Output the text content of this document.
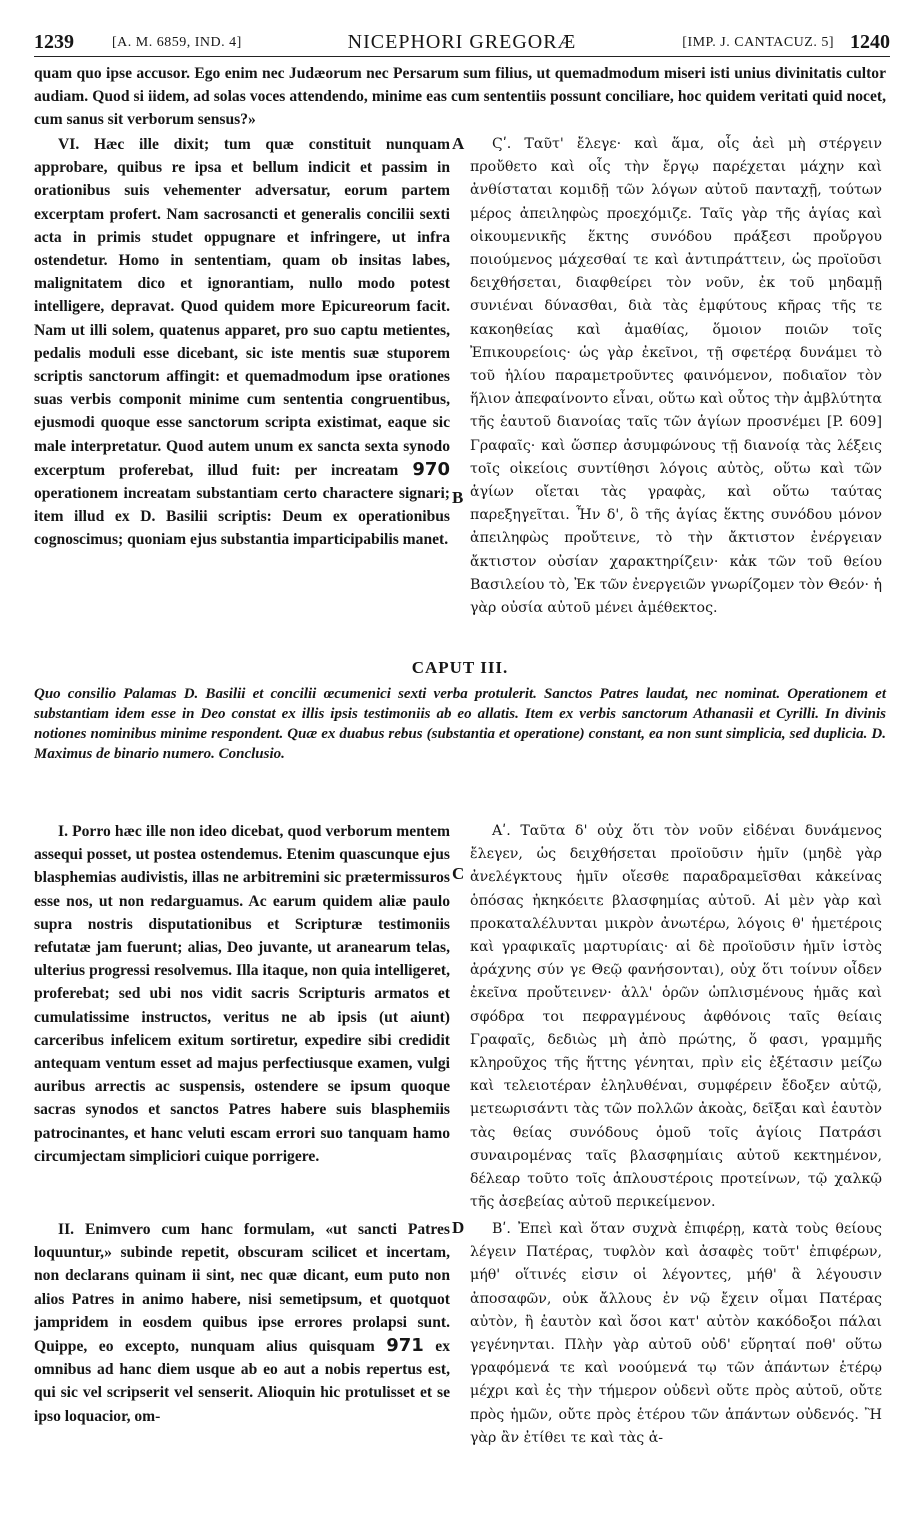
1239	[A. M. 6859, IND. 4]	NICEPHORI GREGORÆ	[IMP. J. CANTACUZ. 5] 1240
quam quo ipse accusor. Ego enim nec Judæorum nec Persarum sum filius, ut quemadmodum miseri isti unius divinitatis cultor audiam. Quod si iidem, ad solas voces attendendo, minime eas cum sententiis possunt conciliare, hoc quidem veritati quid nocet, cum sanus sit verborum sensus?»

VI. Hæc ille dixit; tum quæ constituit nunquam approbare, quibus re ipsa et bellum indicit et passim in orationibus suis vehementer adversatur, eorum partem excerptam profert. Nam sacrosancti et generalis concilii sexti acta in primis studet oppugnare et infringere, ut infra ostendetur. Homo in sententiam, quam ob insitas labes, malignitatem dico et ignorantiam, nullo modo potest intelligere, depravat. Quod quidem more Epicureorum facit. Nam ut illi solem, quatenus apparet, pro suo captu metientes, pedalis moduli esse dicebant, sic iste mentis suæ stuporem scriptis sanctorum affingit: et quemadmodum ipse orationes suas verbis componit minime cum sententia congruentibus, ejusmodi quoque esse sanctorum scripta existimat, eaque sic male interpretatur. Quod autem unum ex sancta sexta synodo excerptum proferebat, illud fuit: per increatam 970 operationem increatam substantiam certo charactere signari; item illud ex D. Basilii scriptis: Deum ex operationibus cognoscimus; quoniam ejus substantia imparticipabilis manet.

Ϛʹ. Ταῦτ' ἔλεγε· καὶ ἅμα, οἷς ἀεὶ μὴ στέργειν προὔθετο καὶ οἷς τὴν ἔργῳ παρέχεται μάχην καὶ ἀνθίσταται κομιδῇ τῶν λόγων αὐτοῦ πανταχῇ, τούτων μέρος ἀπειληφὼς προεχόμιζε. Ταῖς γὰρ τῆς ἁγίας καὶ οἰκουμενικῆς ἕκτης συνόδου πράξεσι προὔργου ποιούμενος μάχεσθαί τε καὶ ἀντιπράττειν, ὡς προϊοῦσι δειχθήσεται, διαφθείρει τὸν νοῦν, ἐκ τοῦ μηδαμῇ συνιέναι δύνασθαι, διὰ τὰς ἐμφύτους κῆρας τῆς τε κακοηθείας καὶ ἀμαθίας, ὅμοιον ποιῶν τοῖς Ἐπικουρείοις· ὡς γὰρ ἐκεῖνοι, τῇ σφετέρᾳ δυνάμει τὸ τοῦ ἡλίου παραμετροῦντες φαινόμενον, ποδιαῖον τὸν ἥλιον ἀπεφαίνοντο εἶναι, οὕτω καὶ οὗτος τὴν ἀμβλύτητα τῆς ἑαυτοῦ διανοίας ταῖς τῶν ἁγίων προσνέμει [P. 609] Γραφαῖς· καὶ ὥσπερ ἀσυμφώνους τῇ διανοίᾳ τὰς λέξεις τοῖς οἰκείοις συντίθησι λόγοις αὐτὸς, οὕτω καὶ τῶν ἁγίων οἴεται τὰς γραφὰς, καὶ οὕτω ταύτας παρεξηγεῖται. Ἦν δ', ὃ τῆς ἁγίας ἕκτης συνόδου μόνον ἀπειληφὼς προὔτεινε, τὸ τὴν ἄκτιστον ἐνέργειαν ἄκτιστον οὐσίαν χαρακτηρίζειν· κἀκ τῶν τοῦ θείου Βασιλείου τὸ, Ἐκ τῶν ἐνεργειῶν γνωρίζομεν τὸν Θεόν· ἡ γὰρ οὐσία αὐτοῦ μένει ἀμέθεκτος.

A
B
C
D
CAPUT III.
Quo consilio Palamas D. Basilii et concilii œcumenici sexti verba protulerit. Sanctos Patres laudat, nec nominat. Operationem et substantiam idem esse in Deo constat ex illis ipsis testimoniis ab eo allatis. Item ex verbis sanctorum Athanasii et Cyrilli. In divinis notiones nominibus minime respondent. Quæ ex duabus rebus (substantia et operatione) constant, ea non sunt simplicia, sed duplicia. D. Maximus de binario numero. Conclusio.

I. Porro hæc ille non ideo dicebat, quod verborum mentem assequi posset, ut postea ostendemus. Etenim quascunque ejus blasphemias audivistis, illas ne arbitremini sic prætermissuros esse nos, ut non redarguamus. Ac earum quidem aliæ paulo supra nostris disputationibus et Scripturæ testimoniis refutatæ jam fuerunt; alias, Deo juvante, ut aranearum telas, ulterius progressi resolvemus. Illa itaque, non quia intelligeret, proferebat; sed ubi nos vidit sacris Scripturis armatos et cumulatissime instructos, veritus ne ab ipsis (ut aiunt) carceribus infelicem exitum sortiretur, expedire sibi credidit antequam ventum esset ad majus perfectiusque examen, vulgi auribus arrectis ac suspensis, ostendere se ipsum quoque sacras synodos et sanctos Patres habere suis blasphemiis patrocinantes, et hanc veluti escam errori suo tanquam hamo circumjectam simpliciori cuique porrigere.

Αʹ. Ταῦτα δ' οὐχ ὅτι τὸν νοῦν εἰδέναι δυνάμενος ἔλεγεν, ὡς δειχθήσεται προϊοῦσιν ἡμῖν (μηδὲ γὰρ ἀνελέγκτους ἡμῖν οἴεσθε παραδραμεῖσθαι κἀκείνας ὁπόσας ἠκηκόειτε βλασφημίας αὐτοῦ. Αἱ μὲν γὰρ καὶ προκαταλέλυνται μικρὸν ἀνωτέρω, λόγοις θ' ἡμετέροις καὶ γραφικαῖς μαρτυρίαις· αἱ δὲ προϊοῦσιν ἡμῖν ἱστὸς ἀράχνης σύν γε Θεῷ φανήσονται), οὐχ ὅτι τοίνυν οἶδεν ἐκεῖνα προὔτεινεν· ἀλλ' ὁρῶν ὡπλισμένους ἡμᾶς καὶ σφόδρα τοι πεφραγμένους ἀφθόνοις ταῖς θείαις Γραφαῖς, δεδιὼς μὴ ἀπὸ πρώτης, ὅ φασι, γραμμῆς κληροῦχος τῆς ἥττης γένηται, πρὶν εἰς ἐξέτασιν μείζω καὶ τελειοτέραν ἐληλυθέναι, συμφέρειν ἔδοξεν αὐτῷ, μετεωρισάντι τὰς τῶν πολλῶν ἀκοὰς, δεῖξαι καὶ ἑαυτὸν τὰς θείας συνόδους ὁμοῦ τοῖς ἁγίοις Πατράσι συναιρομένας ταῖς βλασφημίαις αὐτοῦ κεκτημένον, δέλεαρ τοῦτο τοῖς ἁπλουστέροις προτείνων, τῷ χαλκῷ τῆς ἀσεβείας αὐτοῦ περικείμενον.

II. Enimvero cum hanc formulam, «ut sancti Patres loquuntur,» subinde repetit, obscuram scilicet et incertam, non declarans quinam ii sint, nec quæ dicant, eum puto non alios Patres in animo habere, nisi semetipsum, et quotquot jampridem in eosdem quibus ipse errores prolapsi sunt. Quippe, eo excepto, nunquam alius quisquam 971 ex omnibus ad hanc diem usque ab eo aut a nobis repertus est, qui sic vel scripserit vel senserit. Alioquin hic protulisset et se ipso loquacior, om-

Βʹ. Ἐπεὶ καὶ ὅταν συχνὰ ἐπιφέρῃ, κατὰ τοὺς θείους λέγειν Πατέρας, τυφλὸν καὶ ἀσαφὲς τοῦτ' ἐπιφέρων, μήθ' οἵτινές εἰσιν οἱ λέγοντες, μήθ' ἃ λέγουσιν ἀποσαφῶν, οὐκ ἄλλους ἐν νῷ ἔχειν οἶμαι Πατέρας αὐτὸν, ἢ ἑαυτὸν καὶ ὅσοι κατ' αὐτὸν κακόδοξοι πάλαι γεγένηνται. Πλὴν γὰρ αὐτοῦ οὐδ' εὕρηταί ποθ' οὕτω γραφόμενά τε καὶ νοούμενά τῳ τῶν ἁπάντων ἑτέρῳ μέχρι καὶ ἐς τὴν τήμερον οὐδενὶ οὔτε πρὸς αὐτοῦ, οὔτε πρὸς ἡμῶν, οὔτε πρὸς ἑτέρου τῶν ἁπάντων οὐδενός. Ἢ γὰρ ἂν ἐτίθει τε καὶ τὰς ἁ-
